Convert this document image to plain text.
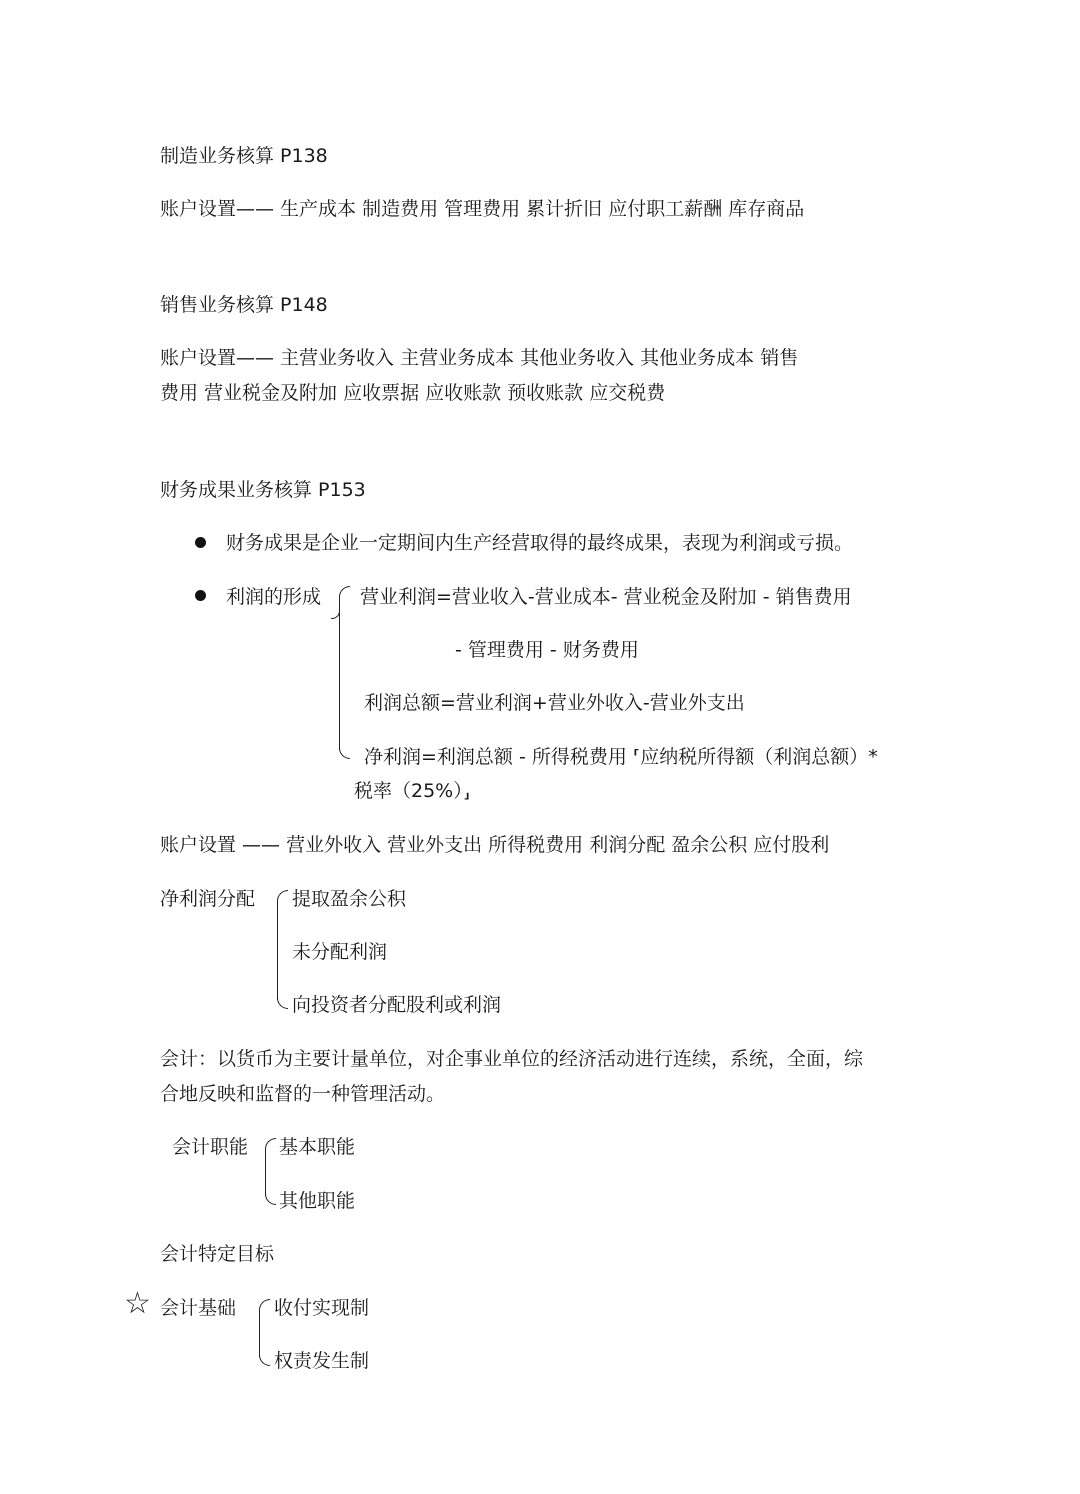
制造业务核算 P138
账户设置—— 生产成本 制造费用 管理费用 累计折旧 应付职工薪酬 库存商品
销售业务核算 P148
账户设置—— 主营业务收入 主营业务成本 其他业务收入 其他业务成本 销售
费用 营业税金及附加 应收票据 应收账款 预收账款 应交税费
财务成果业务核算 P153
财务成果是企业一定期间内生产经营取得的最终成果，表现为利润或亏损。
利润的形成 营业利润=营业收入-营业成本- 营业税金及附加 - 销售费用
- 管理费用 - 财务费用
利润总额=营业利润+营业外收入-营业外支出
净利润=利润总额 - 所得税费用 ⸢应纳税所得额（利润总额）*
税率（25%）⸥
账户设置 —— 营业外收入 营业外支出 所得税费用 利润分配 盈余公积 应付股利
净利润分配 提取盈余公积
未分配利润
向投资者分配股利或利润
会计：以货币为主要计量单位，对企事业单位的经济活动进行连续，系统，全面，综
合地反映和监督的一种管理活动。
会计职能 基本职能
其他职能
会计特定目标
☆ 会计基础 收付实现制
权责发生制
